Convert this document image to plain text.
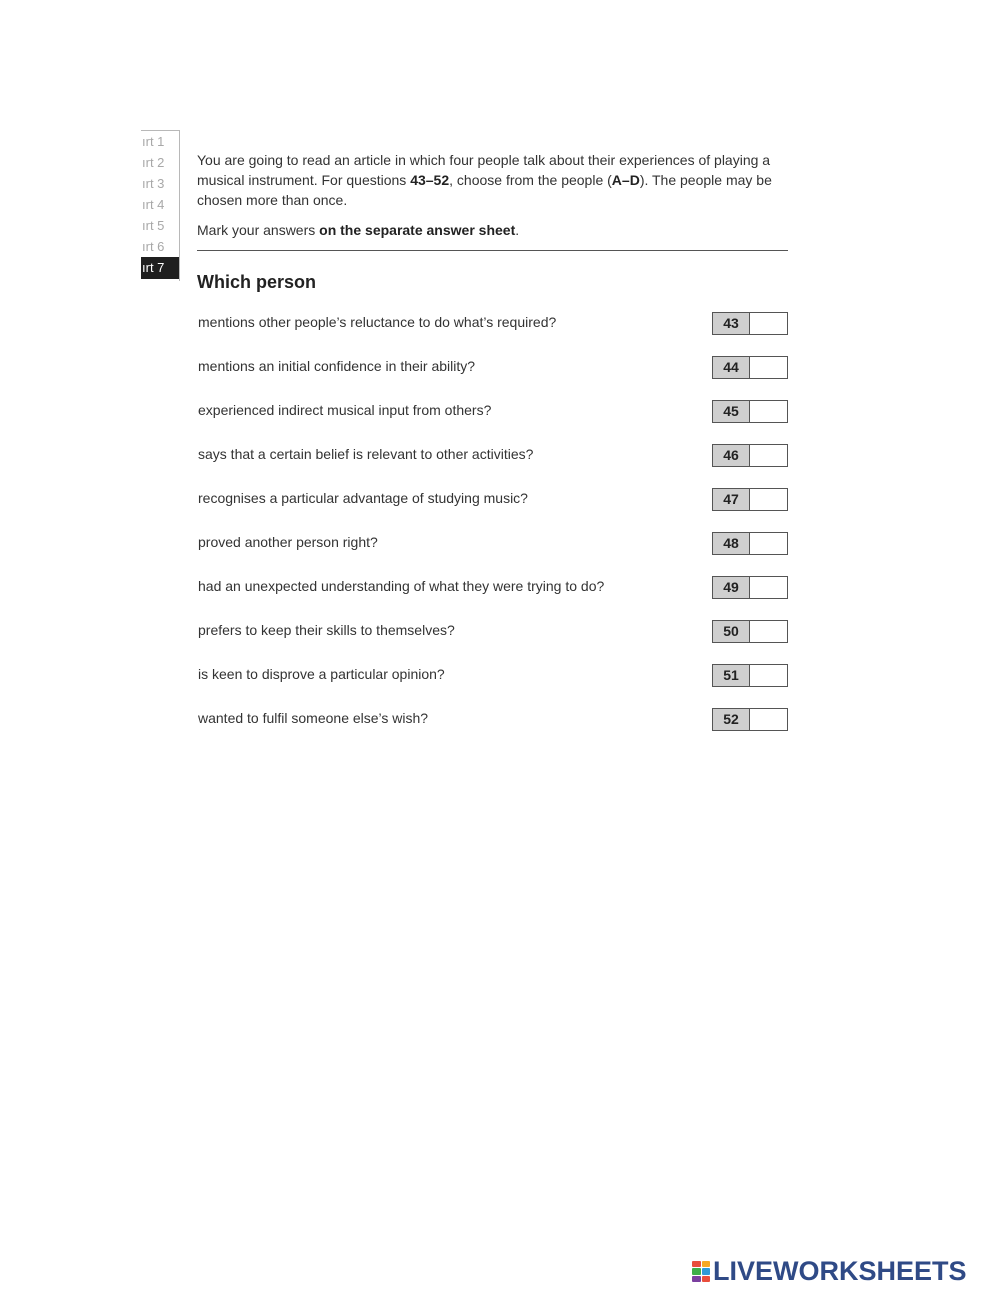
ırt 1
ırt 2
ırt 3
ırt 4
ırt 5
ırt 6
ırt 7

You are going to read an article in which four people talk about their experiences of playing a musical instrument. For questions 43–52, choose from the people (A–D). The people may be chosen more than once.

Mark your answers on the separate answer sheet.

Which person
mentions other people’s reluctance to do what’s required?	43
mentions an initial confidence in their ability?	44
experienced indirect musical input from others?	45
says that a certain belief is relevant to other activities?	46
recognises a particular advantage of studying music?	47
proved another person right?	48
had an unexpected understanding of what they were trying to do?	49
prefers to keep their skills to themselves?	50
is keen to disprove a particular opinion?	51
wanted to fulfil someone else’s wish?	52
LIVEWORKSHEETS
